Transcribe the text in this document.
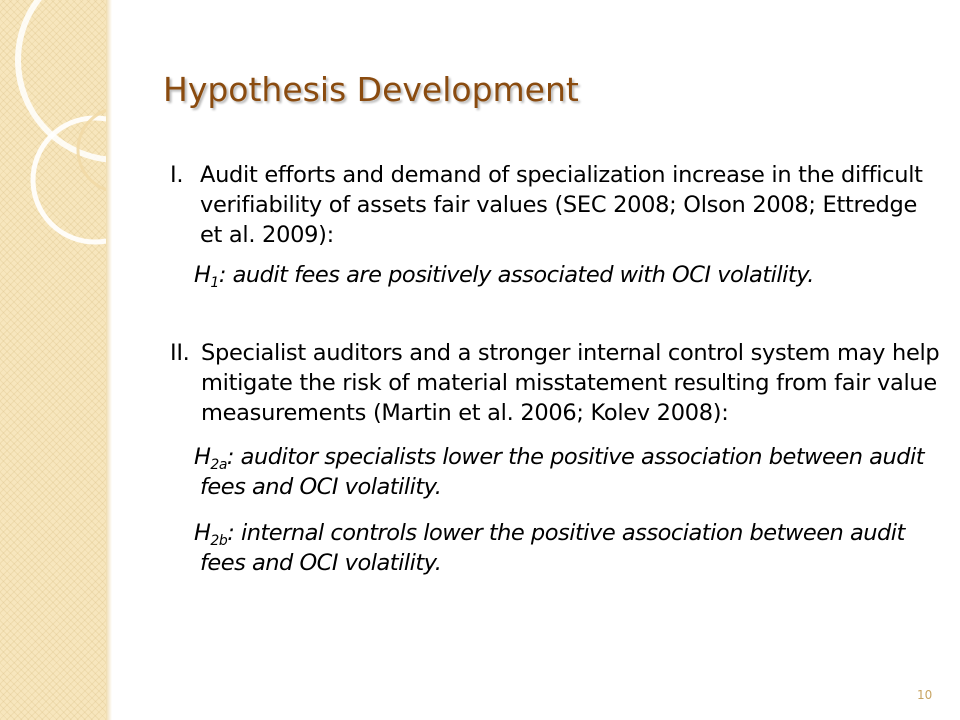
Hypothesis Development
I. Audit efforts and demand of specialization increase in the difficult verifiability of assets fair values (SEC 2008; Olson 2008; Ettredge et al. 2009):
$H_1$: audit fees are positively associated with OCI volatility.
II. Specialist auditors and a stronger internal control system may help mitigate the risk of material misstatement resulting from fair value measurements (Martin et al. 2006; Kolev 2008):
$H_{2a}$: auditor specialists lower the positive association between audit fees and OCI volatility.
$H_{2b}$: internal controls lower the positive association between audit fees and OCI volatility.
10
